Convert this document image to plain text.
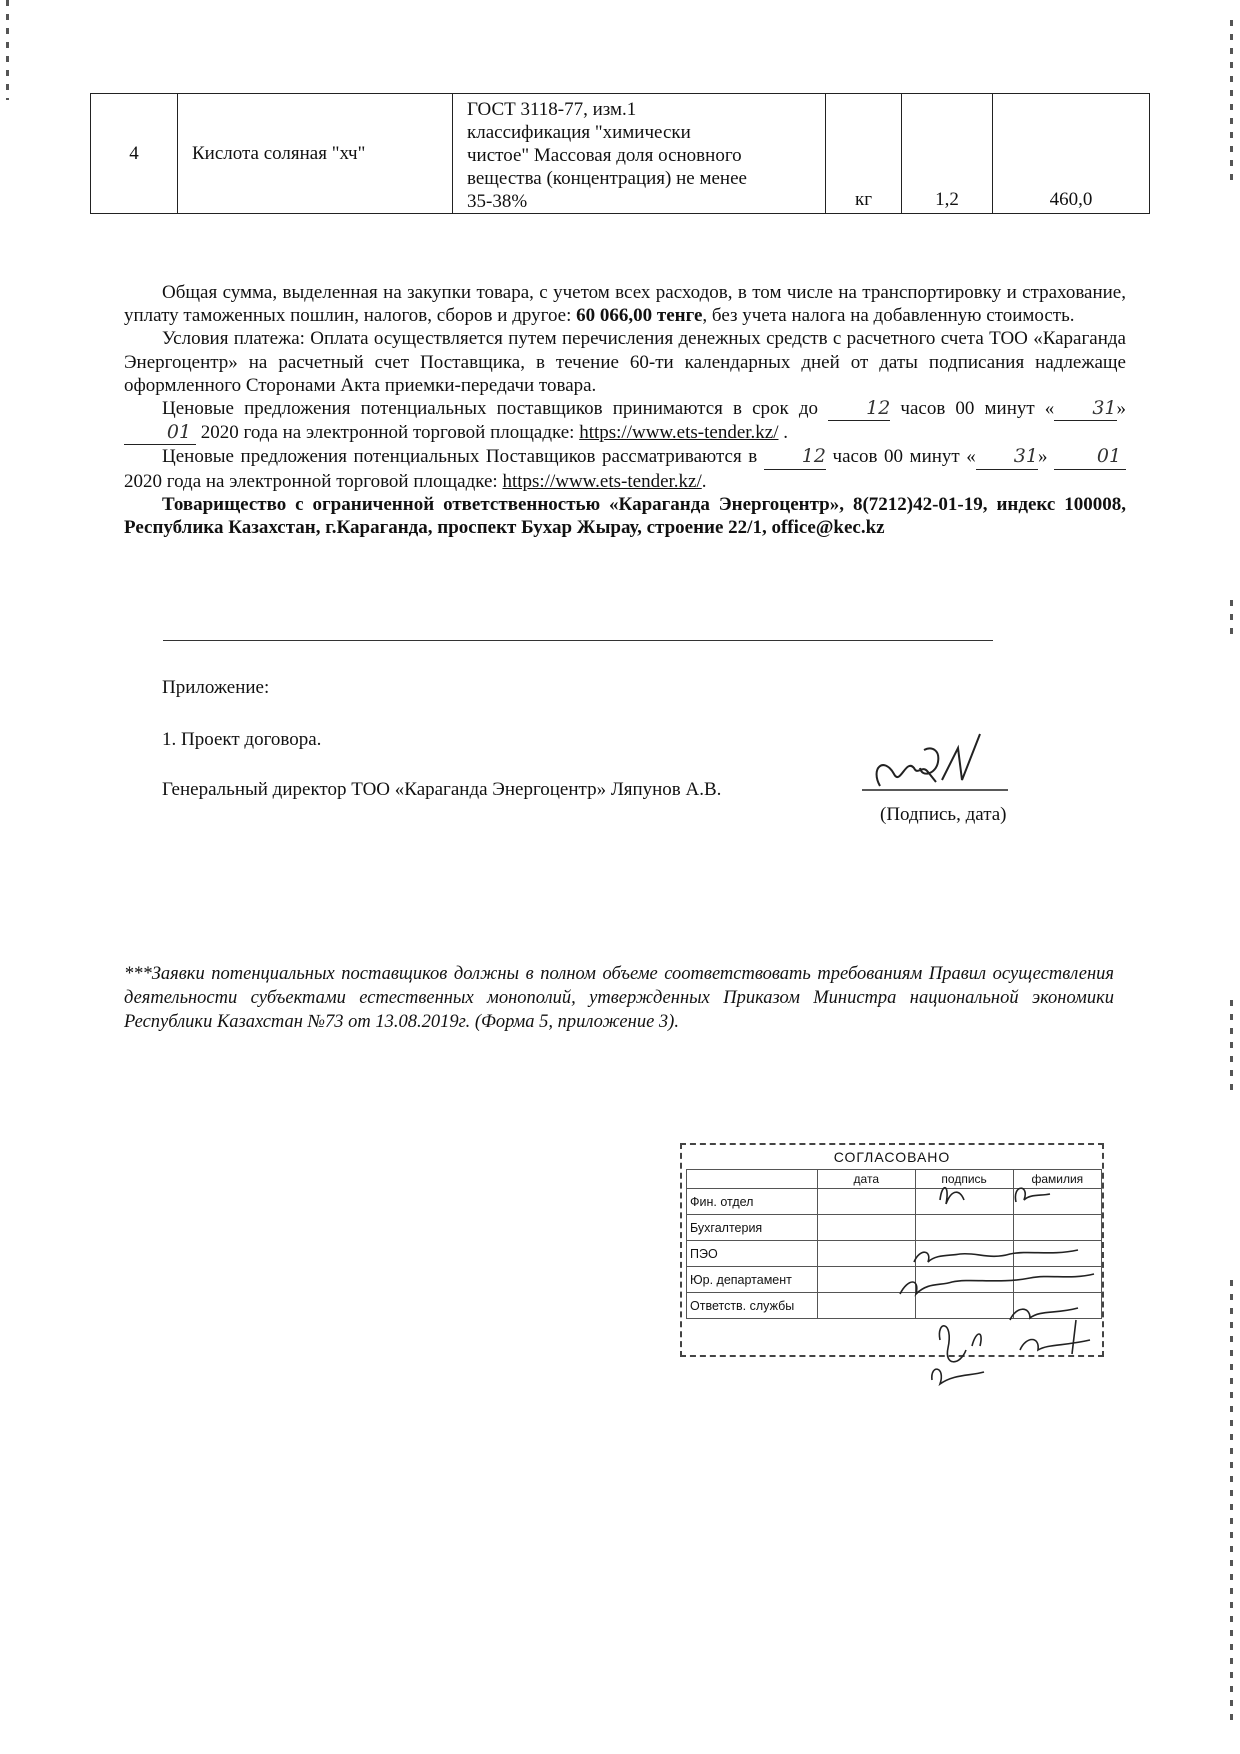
4	Кислота соляная "хч"	
ГОСТ 3118-77, изм.1
классификация "химически
чистое" Массовая доля основного
вещества (концентрация) не менее
35-38%	кг	1,2	460,0

Общая сумма, выделенная на закупки товара, с учетом всех расходов, в том числе на транспортировку и страхование, уплату таможенных пошлин, налогов, сборов и другое: 60 066,00 тенге, без учета налога на добавленную стоимость.

Условия платежа: Оплата осуществляется путем перечисления денежных средств с расчетного счета ТОО «Караганда Энергоцентр» на расчетный счет Поставщика, в течение 60-ти календарных дней от даты подписания надлежаще оформленного Сторонами Акта приемки-передачи товара.

Ценовые предложения потенциальных поставщиков принимаются в срок до 12 часов 00 минут « 31» 01 2020 года на электронной торговой площадке: https://www.ets-tender.kz/ .

Ценовые предложения потенциальных Поставщиков рассматриваются в 12 часов 00 минут « 31» 01 2020 года на электронной торговой площадке: https://www.ets-tender.kz/.

Товарищество с ограниченной ответственностью «Караганда Энергоцентр», 8(7212)42-01-19, индекс 100008, Республика Казахстан, г.Караганда, проспект Бухар Жырау, строение 22/1, office@kec.kz

Приложение:
1. Проект договора.
Генеральный директор ТОО «Караганда Энергоцентр» Ляпунов А.В.
(Подпись, дата)
***Заявки потенциальных поставщиков должны в полном объеме соответствовать требованиям Правил осуществления деятельности субъектами естественных монополий, утвержденных Приказом Министра национальной экономики Республики Казахстан №73 от 13.08.2019г. (Форма 5, приложение 3).
СОГЛАСОВАНО
	дата	подпись	фамилия
Фин. отдел			
Бухгалтерия			
ПЭО			
Юр. департамент			
Ответств. службы			
